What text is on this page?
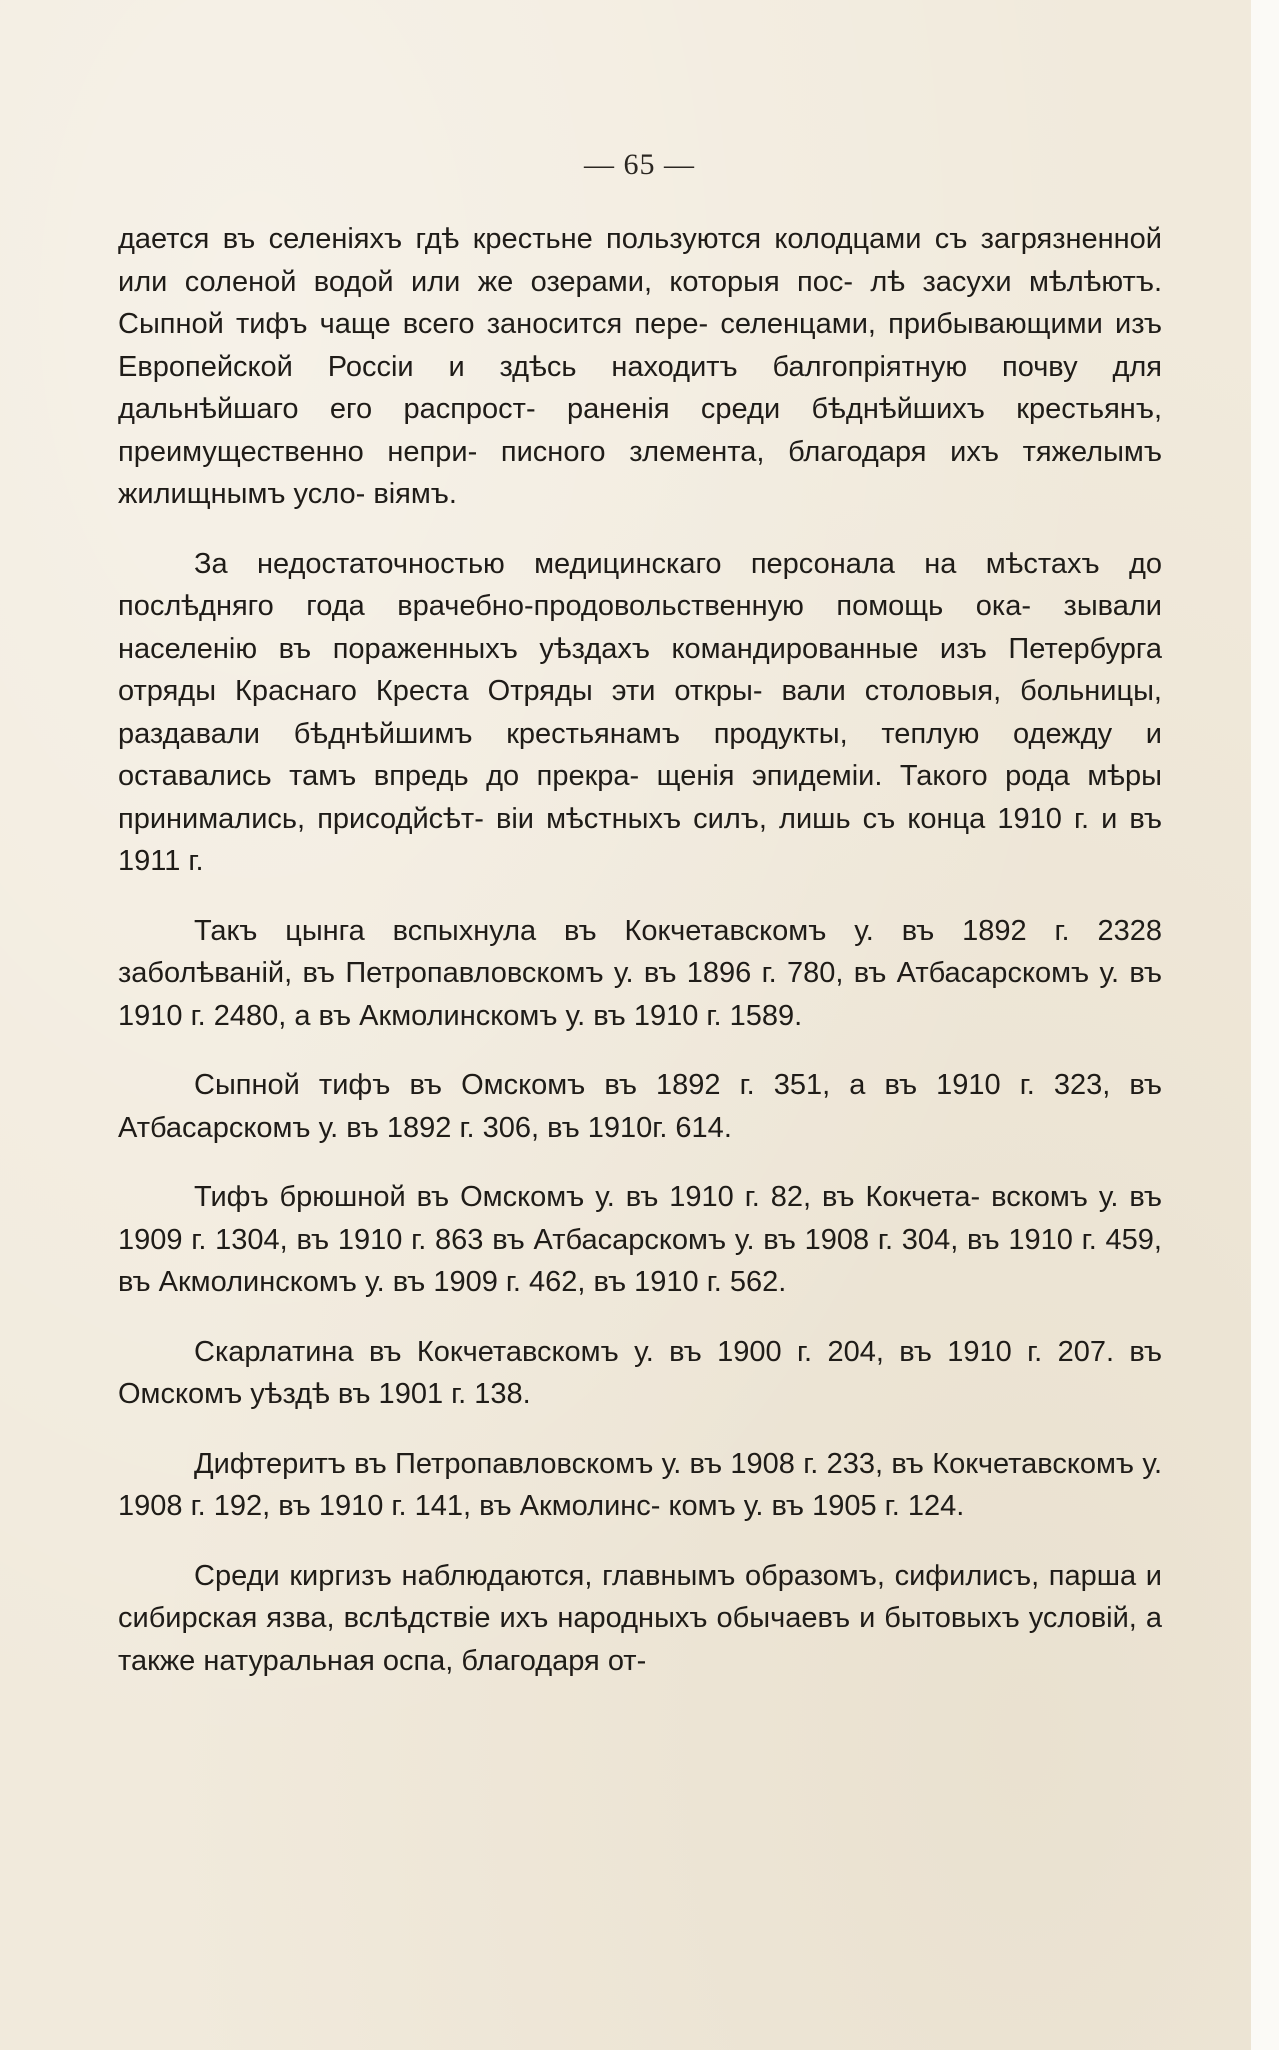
— 65 —

дается въ селеніяхъ гдѣ крестьне пользуются колодцами съ загрязненной или соленой водой или же озерами, которыя пос- лѣ засухи мѣлѣютъ. Сыпной тифъ чаще всего заносится пере- селенцами, прибывающими изъ Европейской Россіи и здѣсь находитъ балгопріятную почву для дальнѣйшаго его распрост- раненія среди бѣднѣйшихъ крестьянъ, преимущественно непри- писного злемента, благодаря ихъ тяжелымъ жилищнымъ усло- віямъ.

За недостаточностью медицинскаго персонала на мѣстахъ до послѣдняго года врачебно-продовольственную помощь ока- зывали населенію въ пораженныхъ уѣздахъ командированные изъ Петербурга отряды Краснаго Креста Отряды эти откры- вали столовыя, больницы, раздавали бѣднѣйшимъ крестьянамъ продукты, теплую одежду и оставались тамъ впредь до прекра- щенія эпидеміи. Такого рода мѣры принимались, присодйсѣт- віи мѣстныхъ силъ, лишь съ конца 1910 г. и въ 1911 г.

Такъ цынга вспыхнула въ Кокчетавскомъ у. въ 1892 г. 2328 заболѣваній, въ Петропавловскомъ у. въ 1896 г. 780, въ Атбасарскомъ у. въ 1910 г. 2480, а въ Акмолинскомъ у. въ 1910 г. 1589.

Сыпной тифъ въ Омскомъ въ 1892 г. 351, а въ 1910 г. 323, въ Атбасарскомъ у. въ 1892 г. 306, въ 1910г. 614.

Тифъ брюшной въ Омскомъ у. въ 1910 г. 82, въ Кокчета- вскомъ у. въ 1909 г. 1304, въ 1910 г. 863 въ Атбасарскомъ у. въ 1908 г. 304, въ 1910 г. 459, въ Акмолинскомъ у. въ 1909 г. 462, въ 1910 г. 562.

Скарлатина въ Кокчетавскомъ у. въ 1900 г. 204, въ 1910 г. 207. въ Омскомъ уѣздѣ въ 1901 г. 138.

Дифтеритъ въ Петропавловскомъ у. въ 1908 г. 233, въ Кокчетавскомъ у. 1908 г. 192, въ 1910 г. 141, въ Акмолинс- комъ у. въ 1905 г. 124.

Среди киргизъ наблюдаются, главнымъ образомъ, сифилисъ, парша и сибирская язва, вслѣдствіе ихъ народныхъ обычаевъ и бытовыхъ условій, а также натуральная оспа, благодаря от-
